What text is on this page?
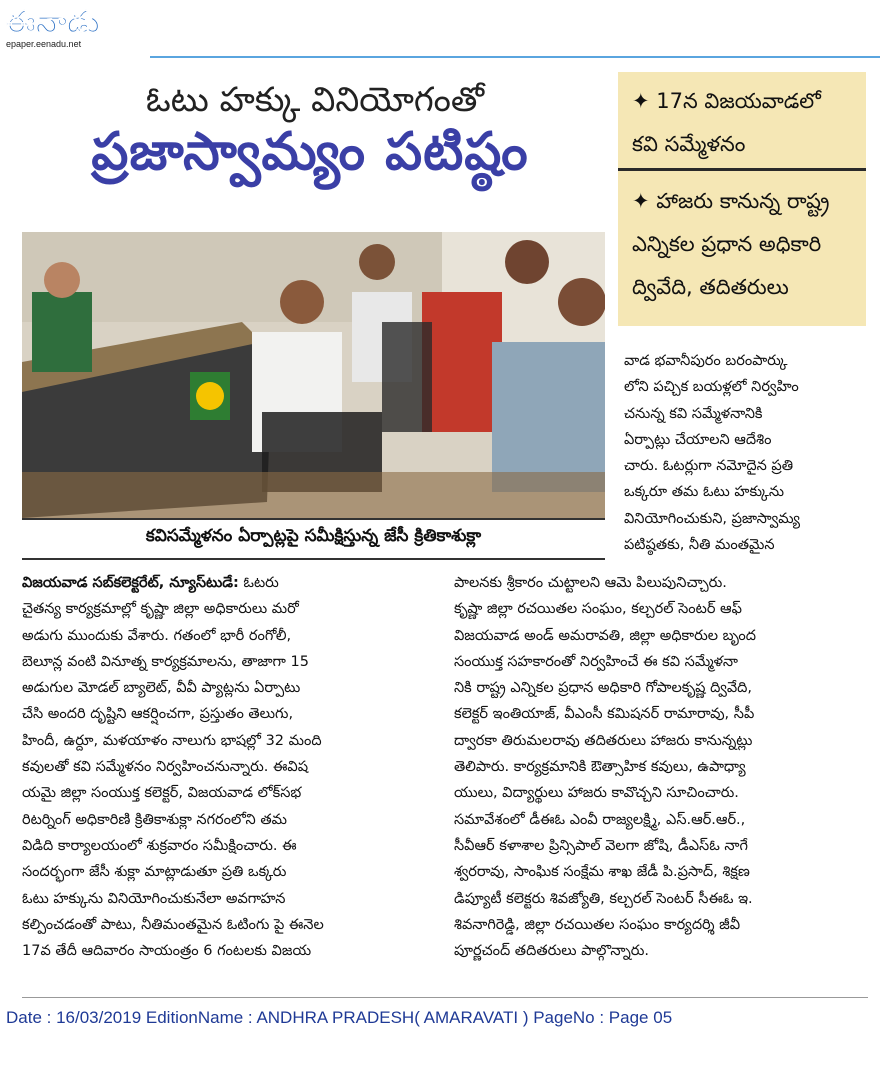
ఈనాడు
epaper.eenadu.net
ఓటు హక్కు వినియోగంతో
ప్రజాస్వామ్యం పటిష్ఠం
✦ 17న విజయవాడలో
కవి సమ్మేళనం
✦ హాజరు కానున్న రాష్ట్ర
ఎన్నికల ప్రధాన అధికారి
ద్వివేది, తదితరులు
కవిసమ్మేళనం ఏర్పాట్లపై సమీక్షిస్తున్న జేసీ క్రితికాశుక్లా
వాడ భవానీపురం బరంపార్కు
లోని పచ్చిక బయళ్లలో నిర్వహిం
చనున్న కవి సమ్మేళనానికి
ఏర్పాట్లు చేయాలని ఆదేశిం
చారు. ఓటర్లుగా నమోదైన ప్రతి
ఒక్కరూ తమ ఓటు హక్కును
వినియోగించుకుని, ప్రజాస్వామ్య
పటిష్ఠతకు, నీతి మంతమైన
విజయవాడ సబ్‌కలెక్టరేట్, న్యూస్‌టుడే: ఓటరు
చైతన్య కార్యక్రమాల్లో కృష్ణా జిల్లా అధికారులు మరో
అడుగు ముందుకు వేశారు. గతంలో భారీ రంగోలీ,
బెలూన్ల వంటి వినూత్న కార్యక్రమాలను, తాజాగా 15
అడుగుల మోడల్ బ్యాలెట్, వీవీ ప్యాట్లను ఏర్పాటు
చేసి అందరి దృష్టిని ఆకర్షించగా, ప్రస్తుతం తెలుగు,
హిందీ, ఉర్దూ, మళయాళం నాలుగు భాషల్లో 32 మంది
కవులతో కవి సమ్మేళనం నిర్వహించనున్నారు. ఈవిష
యమై జిల్లా సంయుక్త కలెక్టర్, విజయవాడ లోక్‌సభ
రిటర్నింగ్ అధికారిణి క్రితికాశుక్లా నగరంలోని తమ
విడిది కార్యాలయంలో శుక్రవారం సమీక్షించారు. ఈ
సందర్భంగా జేసీ శుక్లా మాట్లాడుతూ ప్రతి ఒక్కరు
ఓటు హక్కును వినియోగించుకునేలా అవగాహన
కల్పించడంతో పాటు, నీతిమంతమైన ఓటింగు పై ఈనెల
17వ తేదీ ఆదివారం సాయంత్రం 6 గంటలకు విజయ
పాలనకు శ్రీకారం చుట్టాలని ఆమె పిలుపునిచ్చారు.
కృష్ణా జిల్లా రచయితల సంఘం, కల్చరల్ సెంటర్ ఆఫ్
విజయవాడ అండ్ అమరావతి, జిల్లా అధికారుల బృంద
సంయుక్త సహకారంతో నిర్వహించే ఈ కవి సమ్మేళనా
నికి రాష్ట్ర ఎన్నికల ప్రధాన అధికారి గోపాలకృష్ణ ద్వివేది,
కలెక్టర్ ఇంతియాజ్, వీఎంసీ కమిషనర్ రామారావు, సీపీ
ద్వారకా తిరుమలరావు తదితరులు హాజరు కానున్నట్లు
తెలిపారు. కార్యక్రమానికి ఔత్సాహిక కవులు, ఉపాధ్యా
యులు, విద్యార్థులు హాజరు కావొచ్చని సూచించారు.
సమావేశంలో డీఈఓ ఎంవీ రాజ్యలక్ష్మి, ఎస్.ఆర్.ఆర్.,
సీవీఆర్ కళాశాల ప్రిన్సిపాల్ వెలగా జోషి, డీఎస్‌ఓ నాగే
శ్వరరావు, సాంఘిక సంక్షేమ శాఖ జేడీ పి.ప్రసాద్, శిక్షణ
డిప్యూటీ కలెక్టరు శివజ్యోతి, కల్చరల్ సెంటర్ సీఈఓ ఇ.
శివనాగిరెడ్డి, జిల్లా రచయితల సంఘం కార్యదర్శి జీవీ
పూర్ణచంద్ తదితరులు పాల్గొన్నారు.
Date : 16/03/2019 EditionName : ANDHRA PRADESH( AMARAVATI ) PageNo : Page 05
